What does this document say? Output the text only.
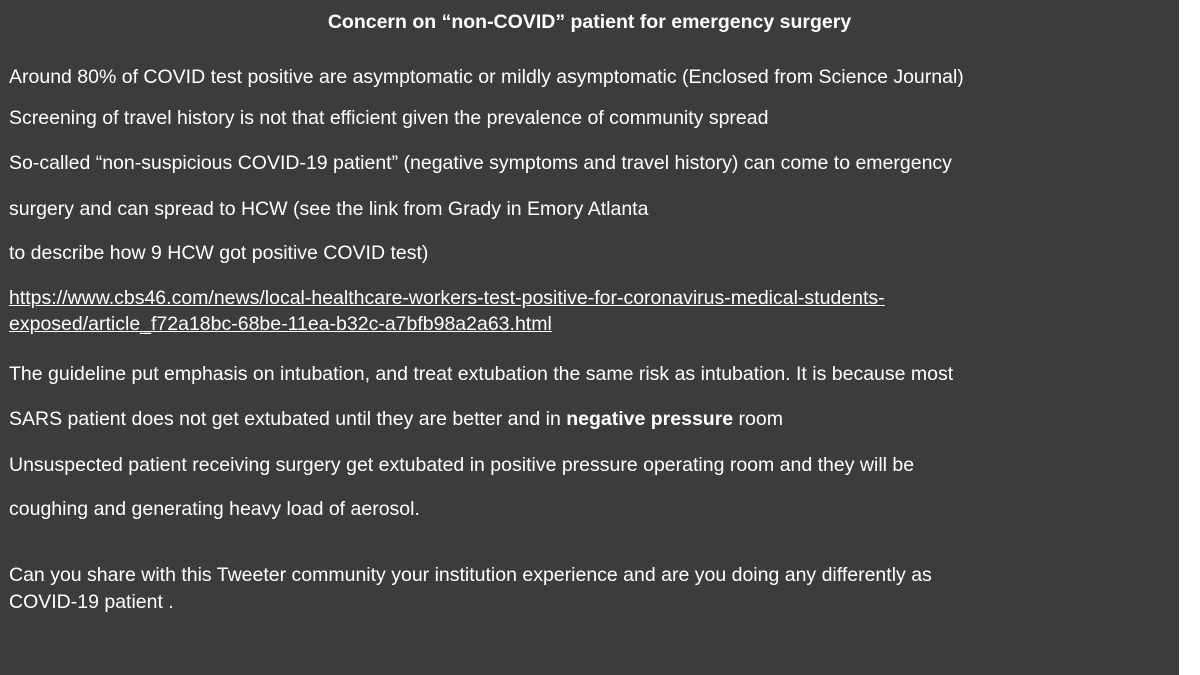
Concern on “non-COVID” patient for emergency surgery
Around 80% of COVID test positive are asymptomatic or mildly asymptomatic (Enclosed from Science Journal)
Screening of travel history is not that efficient given the prevalence of community spread
So-called “non-suspicious COVID-19 patient” (negative symptoms and travel history) can come to emergency
surgery and can spread to HCW (see the link from Grady in Emory Atlanta
to describe how 9 HCW got positive COVID test)
https://www.cbs46.com/news/local-healthcare-workers-test-positive-for-coronavirus-medical-students-
exposed/article_f72a18bc-68be-11ea-b32c-a7bfb98a2a63.html
The guideline put emphasis on intubation, and treat extubation the same risk as intubation. It is because most
SARS patient does not get extubated until they are better and in negative pressure room
Unsuspected patient receiving surgery get extubated in positive pressure operating room and they will be
coughing and generating heavy load of aerosol.
Can you share with this Tweeter community your institution experience and are you doing any differently as
COVID-19 patient .
